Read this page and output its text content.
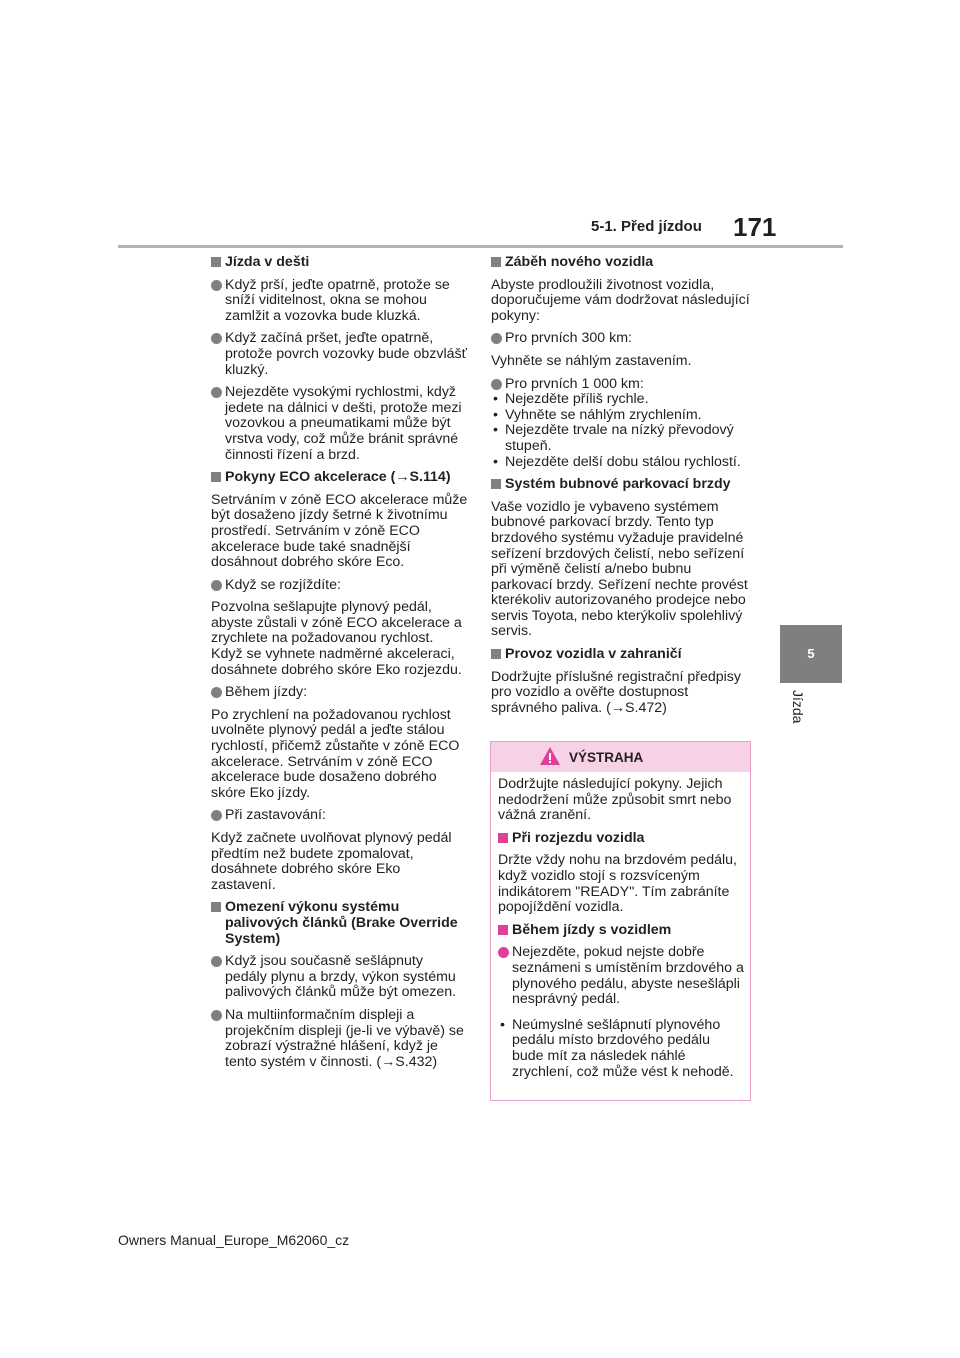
5-1. Před jízdou 171
5
Jízda
Jízda v dešti
Když prší, jeďte opatrně, protože se sníží viditelnost, okna se mohou zamlžit a vozovka bude kluzká.
Když začíná pršet, jeďte opatrně, protože povrch vozovky bude obzvlášť kluzký.
Nejezděte vysokými rychlostmi, když jedete na dálnici v dešti, protože mezi vozovkou a pneumatikami může být vrstva vody, což může bránit správné činnosti řízení a brzd.
Pokyny ECO akcelerace (→S.114)
Setrváním v zóně ECO akcelerace může být dosaženo jízdy šetrné k životnímu prostředí. Setrváním v zóně ECO akcelerace bude také snadnější dosáhnout dobrého skóre Eco.
Když se rozjíždíte:
Pozvolna sešlapujte plynový pedál, abyste zůstali v zóně ECO akcelerace a zrychlete na požadovanou rychlost. Když se vyhnete nadměrné akceleraci, dosáhnete dobrého skóre Eko rozjezdu.
Během jízdy:
Po zrychlení na požadovanou rychlost uvolněte plynový pedál a jeďte stálou rychlostí, přičemž zůstaňte v zóně ECO akcelerace. Setrváním v zóně ECO akcelerace bude dosaženo dobrého skóre Eko jízdy.
Při zastavování:
Když začnete uvolňovat plynový pedál předtím než budete zpomalovat, dosáhnete dobrého skóre Eko zastavení.
Omezení výkonu systému palivových článků (Brake Override System)
Když jsou současně sešlápnuty pedály plynu a brzdy, výkon systému palivových článků může být omezen.
Na multiinformačním displeji a projekčním displeji (je-li ve výbavě) se zobrazí výstražné hlášení, když je tento systém v činnosti. (→S.432)
Záběh nového vozidla
Abyste prodloužili životnost vozidla, doporučujeme vám dodržovat následující pokyny:
Pro prvních 300 km:
Vyhněte se náhlým zastavením.
Pro prvních 1 000 km:
• Nejezděte příliš rychle.
• Vyhněte se náhlým zrychlením.
• Nejezděte trvale na nízký převodový stupeň.
• Nejezděte delší dobu stálou rychlostí.
Systém bubnové parkovací brzdy
Vaše vozidlo je vybaveno systémem bubnové parkovací brzdy. Tento typ brzdového systému vyžaduje pravidelné seřízení brzdových čelistí, nebo seřízení při výměně čelistí a/nebo bubnu parkovací brzdy. Seřízení nechte provést kterékoliv autorizovaného prodejce nebo servis Toyota, nebo kterýkoliv spolehlivý servis.
Provoz vozidla v zahraničí
Dodržujte příslušné registrační předpisy pro vozidlo a ověřte dostupnost správného paliva. (→S.472)
VÝSTRAHA
Dodržujte následující pokyny. Jejich nedodržení může způsobit smrt nebo vážná zranění.
Při rozjezdu vozidla
Držte vždy nohu na brzdovém pedálu, když vozidlo stojí s rozsvíceným indikátorem "READY". Tím zabráníte popojíždění vozidla.
Během jízdy s vozidlem
Nejezděte, pokud nejste dobře seznámeni s umístěním brzdového a plynového pedálu, abyste nesešlápli nesprávný pedál.
• Neúmyslné sešlápnutí plynového pedálu místo brzdového pedálu bude mít za následek náhlé zrychlení, což může vést k nehodě.
Owners Manual_Europe_M62060_cz
